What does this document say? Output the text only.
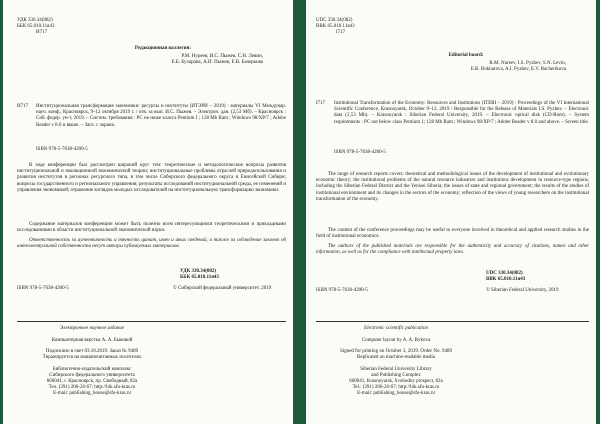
УДК 330.34(082)
ББК 65.010.11я43
И717
Редакционная коллегия:
Р.М. Нуреев, И.С. Пыжев, С.Н. Левин,
Е.Б. Бухарова, А.И. Пыжев, Е.В. Бачеркова
И717 Институциональная трансформация экономики: ресурсы и институты (ИТЭРИ – 2019) : материалы VI Междунар. науч. конф., Красноярск, 9–12 октября 2019 г. / отв. за вып. И.С. Пыжев. – Электрон. дан. (2,53 Мб). – Красноярск : Сиб. федер. ун-т, 2019. – Систем. требования : PC не ниже класса Pentium I ; 128 Mb Ram ; Windows 98/XP/7 ; Adobe Reader v 8.0 и выше. – Загл. с экрана.

ISBN 978-5-7638-4200-5

В ходе конференции был рассмотрен широкий круг тем: теоретические и методологические вопросы развития институциональной и эволюционной экономической теории; институциональные проблемы отраслей природопользования и развития институтов в регионах ресурсного типа, в том числе Сибирского федерального округа и Енисейской Сибири; вопросы государственного и регионального управления; результаты исследований институциональной среды, ее изменений и управления экономикой; отражение взглядов молодых исследователей на институциональную трансформацию экономики.

Содержание материалов конференции может быть полезно всем интересующимся теоретическими и прикладными исследованиями в области институциональной экономической науки.

Ответственность за аутентичность и точность цитат, имен и иных сведений, а также за соблюдение законов об интеллектуальной собственности несут авторы публикуемых материалов.

УДК 330.34(082)
ББК 65.010.11я43
ISBN 978-5-7638-4200-5	© Сибирский федеральный университет, 2019
Электронное научное издание
Компьютерная верстка А. А. Быковой
Подписано в свет 03.10.2019. Заказ № 9489
Тиражируется на машиночитаемых носителях
Библиотечно-издательский комплекс
Сибирского федерального университета
660041, г. Красноярск, пр. Свободный, 82а
Тел. (391) 206-26-67; http://bik.sfu-kras.ru
E-mail: publishing_house@sfu-kras.ru
UDC 330.34(082)
BBK 65.010.11я43
I717
Editorial board:
R.M. Nureev, I.S. Pyzhev, S.N. Levin,
E.B. Bukharova, A.I. Pyzhev, E.V. Bacherikova
I717 Institutional Transformation of the Economy: Resources and Institutions (ITERI – 2019) : Proceedings of the VI International Scientific Conference, Krasnoyarsk, October 9–12, 2019 / Responsible for the Release of Materials I.S. Pyzhev. – Electronic data (2,53 Mb). – Krasnoyarsk : Siberian Federal University, 2019. – Electronic optical disk (CD-Rom). – System requirements : PC not below class Pentium 1; 128 Mb Ram ; Windows 98/XP/7 ; Adobe Reader v 8.0 and above. – Screen title.

ISBN 978-5-7638-4200-5

The range of research reports covers: theoretical and methodological issues of the development of institutional and evolutionary economic theory; the institutional problems of the natural resource industries and institutions development in resource-type regions, including the Siberian Federal District and the Yenisei Siberia; the issues of state and regional government; the results of the studies of institutional environment and its changes in the sectors of the economy; reflection of the views of young researchers on the institutional transformation of the economy.

The content of the conference proceedings may be useful to everyone involved in theoretical and applied research studies in the field of institutional economics.

The authors of the published materials are responsible for the authenticity and accuracy of citations, names and other information, as well as for the compliance with intellectual property laws.

UDC 330.34(082)
BBK 65.010.11я43
ISBN 978-5-7638-4200-5	© Siberian Federal University, 2019
Electronic scientific publication
Computer layout by A. A. Bykova
Signed for printing on October 3, 2019. Order No. 9489
Replicated on machine-readable media
Siberian Federal University Library
and Publishing Complex
660041, Krasnoyarsk, Svobodny prospect, 82a
Tel.: (391) 206-26-67; http://bik.sfu-kras.ru
E-mail: publishing_house@sfu-kras.ru
